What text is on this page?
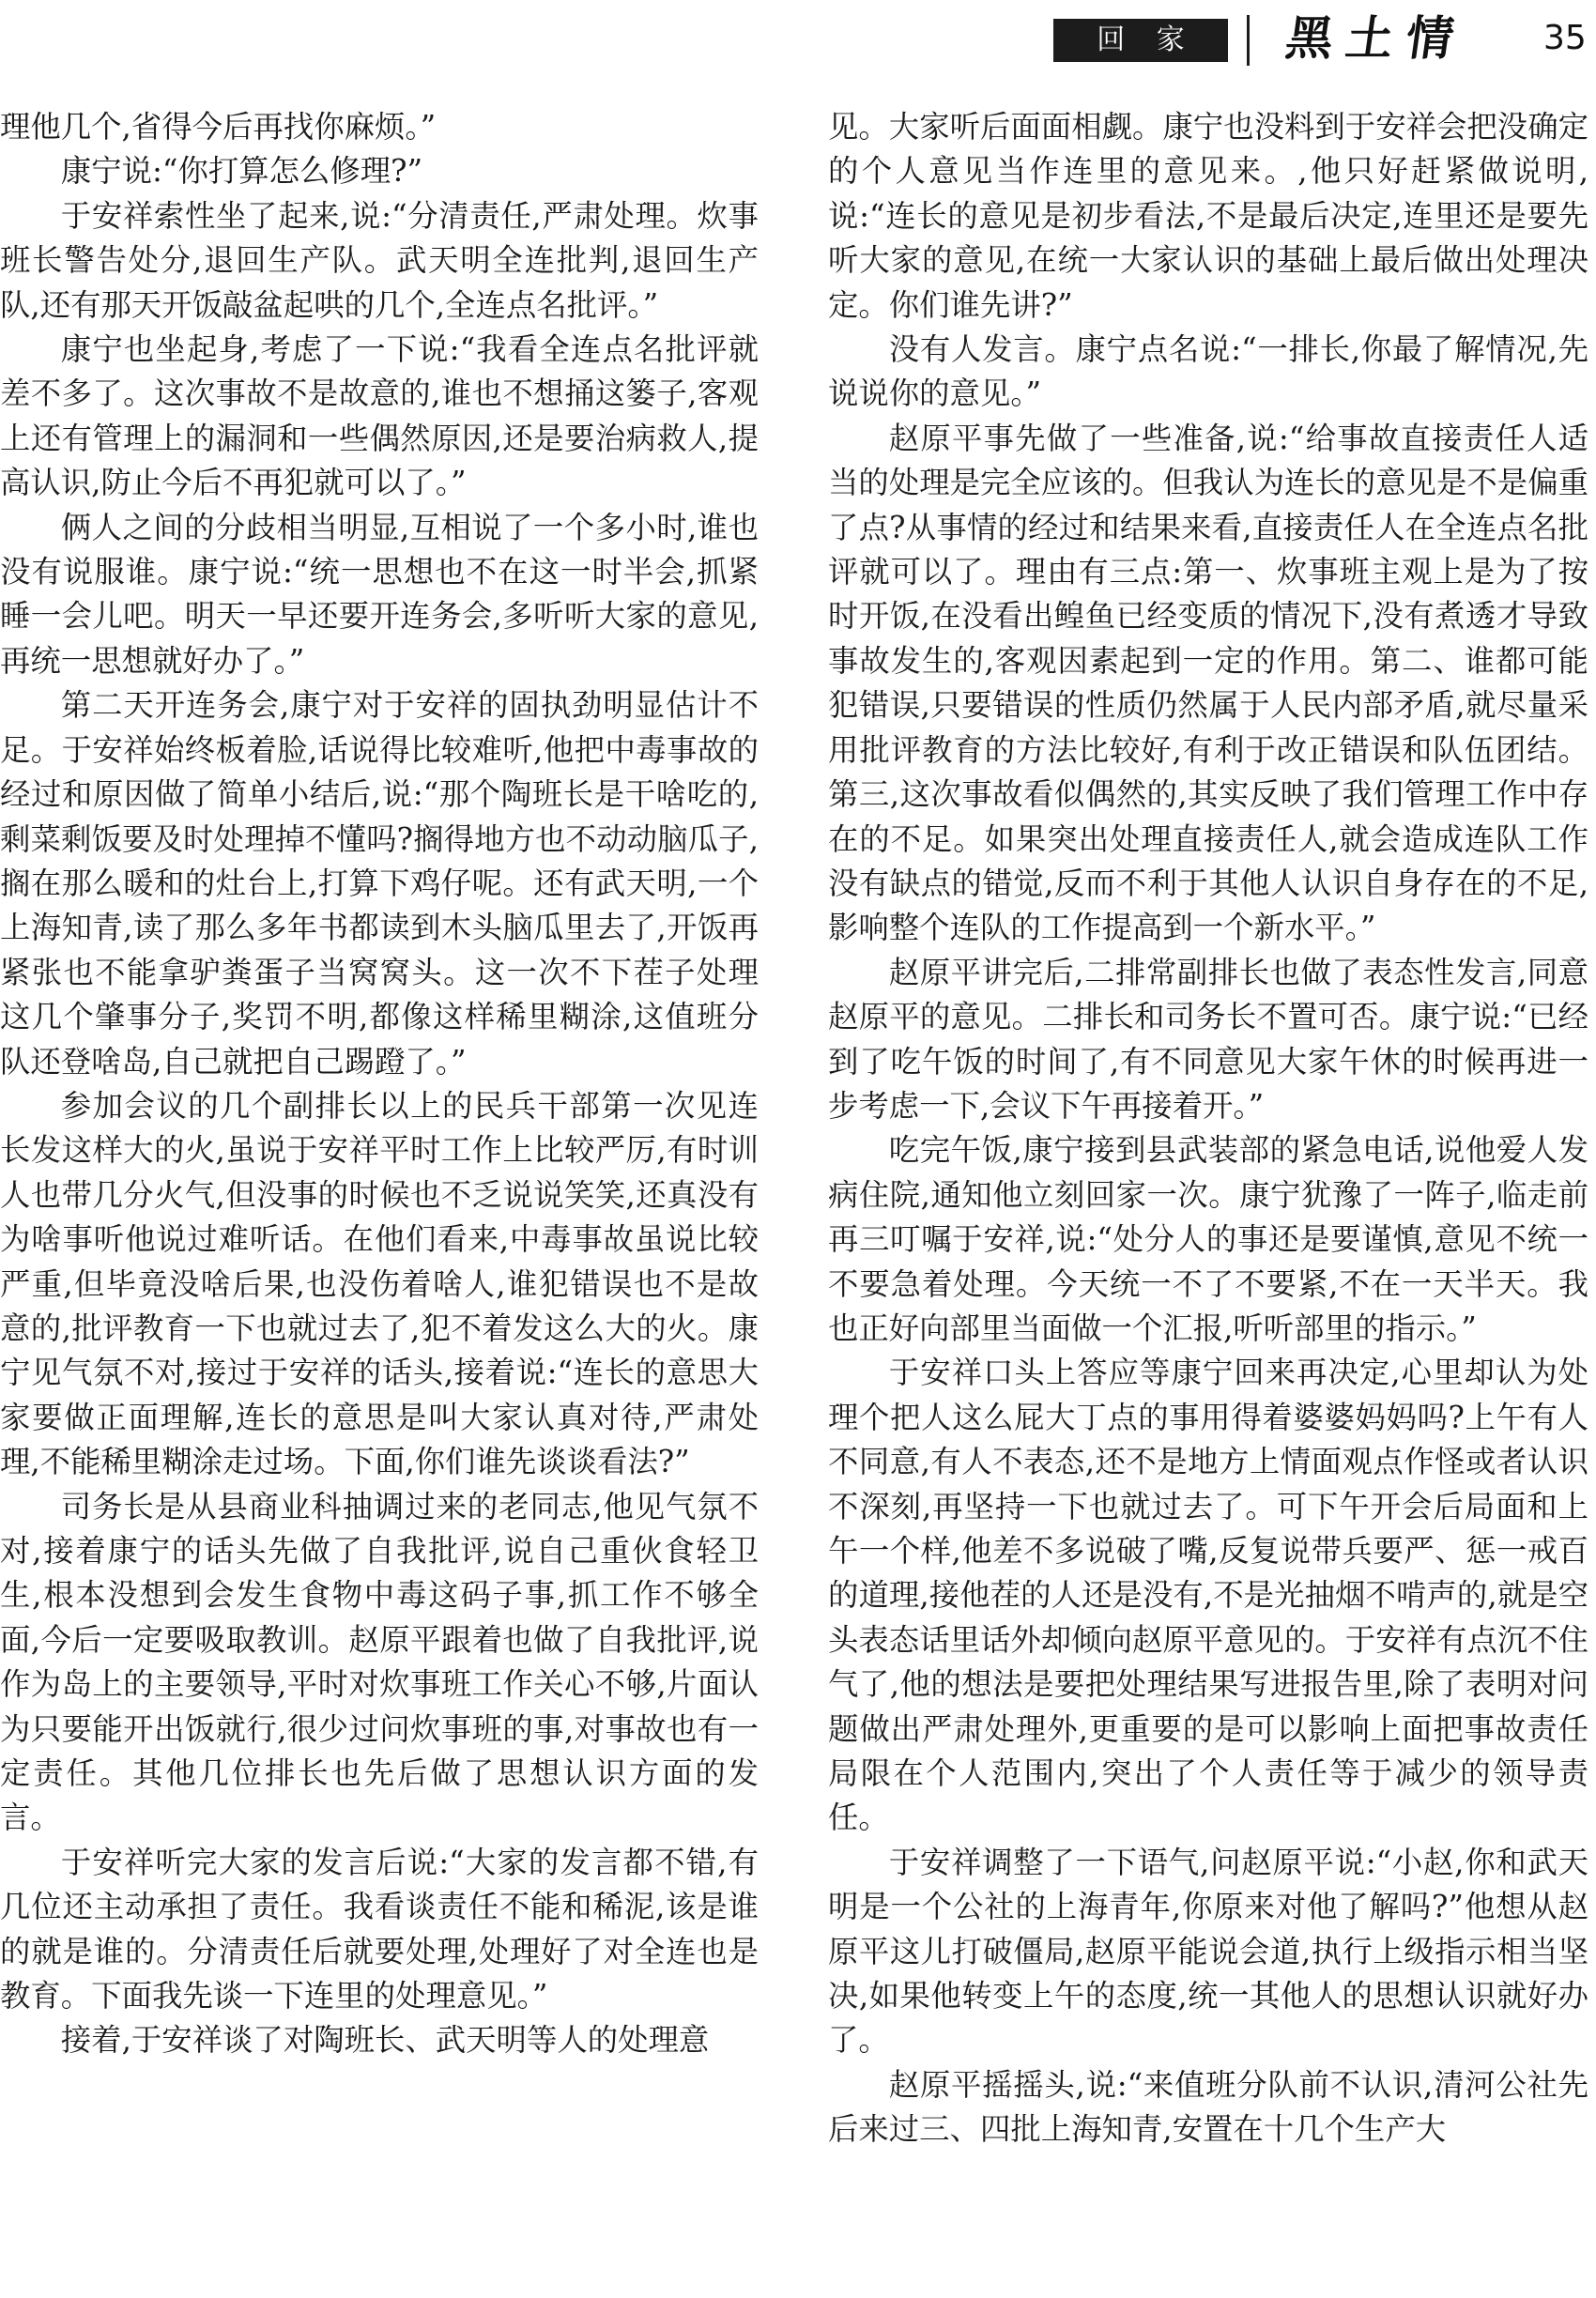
回 家	黑土情 35

理他几个,省得今后再找你麻烦。”

康宁说:“你打算怎么修理?”

于安祥索性坐了起来,说:“分清责任,严肃处理。炊事班长警告处分,退回生产队。武天明全连批判,退回生产队,还有那天开饭敲盆起哄的几个,全连点名批评。”

康宁也坐起身,考虑了一下说:“我看全连点名批评就差不多了。这次事故不是故意的,谁也不想捅这篓子,客观上还有管理上的漏洞和一些偶然原因,还是要治病救人,提高认识,防止今后不再犯就可以了。”

俩人之间的分歧相当明显,互相说了一个多小时,谁也没有说服谁。康宁说:“统一思想也不在这一时半会,抓紧睡一会儿吧。明天一早还要开连务会,多听听大家的意见,再统一思想就好办了。”

第二天开连务会,康宁对于安祥的固执劲明显估计不足。于安祥始终板着脸,话说得比较难听,他把中毒事故的经过和原因做了简单小结后,说:“那个陶班长是干啥吃的,剩菜剩饭要及时处理掉不懂吗?搁得地方也不动动脑瓜子,搁在那么暖和的灶台上,打算下鸡仔呢。还有武天明,一个上海知青,读了那么多年书都读到木头脑瓜里去了,开饭再紧张也不能拿驴粪蛋子当窝窝头。这一次不下茬子处理这几个肇事分子,奖罚不明,都像这样稀里糊涂,这值班分队还登啥岛,自己就把自己踢蹬了。”

参加会议的几个副排长以上的民兵干部第一次见连长发这样大的火,虽说于安祥平时工作上比较严厉,有时训人也带几分火气,但没事的时候也不乏说说笑笑,还真没有为啥事听他说过难听话。在他们看来,中毒事故虽说比较严重,但毕竟没啥后果,也没伤着啥人,谁犯错误也不是故意的,批评教育一下也就过去了,犯不着发这么大的火。康宁见气氛不对,接过于安祥的话头,接着说:“连长的意思大家要做正面理解,连长的意思是叫大家认真对待,严肃处理,不能稀里糊涂走过场。下面,你们谁先谈谈看法?”

司务长是从县商业科抽调过来的老同志,他见气氛不对,接着康宁的话头先做了自我批评,说自己重伙食轻卫生,根本没想到会发生食物中毒这码子事,抓工作不够全面,今后一定要吸取教训。赵原平跟着也做了自我批评,说作为岛上的主要领导,平时对炊事班工作关心不够,片面认为只要能开出饭就行,很少过问炊事班的事,对事故也有一定责任。其他几位排长也先后做了思想认识方面的发言。

于安祥听完大家的发言后说:“大家的发言都不错,有几位还主动承担了责任。我看谈责任不能和稀泥,该是谁的就是谁的。分清责任后就要处理,处理好了对全连也是教育。下面我先谈一下连里的处理意见。”

接着,于安祥谈了对陶班长、武天明等人的处理意

见。大家听后面面相觑。康宁也没料到于安祥会把没确定的个人意见当作连里的意见来。,他只好赶紧做说明,说:“连长的意见是初步看法,不是最后决定,连里还是要先听大家的意见,在统一大家认识的基础上最后做出处理决定。你们谁先讲?”

没有人发言。康宁点名说:“一排长,你最了解情况,先说说你的意见。”

赵原平事先做了一些准备,说:“给事故直接责任人适当的处理是完全应该的。但我认为连长的意见是不是偏重了点?从事情的经过和结果来看,直接责任人在全连点名批评就可以了。理由有三点:第一、炊事班主观上是为了按时开饭,在没看出鳇鱼已经变质的情况下,没有煮透才导致事故发生的,客观因素起到一定的作用。第二、谁都可能犯错误,只要错误的性质仍然属于人民内部矛盾,就尽量采用批评教育的方法比较好,有利于改正错误和队伍团结。第三,这次事故看似偶然的,其实反映了我们管理工作中存在的不足。如果突出处理直接责任人,就会造成连队工作没有缺点的错觉,反而不利于其他人认识自身存在的不足,影响整个连队的工作提高到一个新水平。”

赵原平讲完后,二排常副排长也做了表态性发言,同意赵原平的意见。二排长和司务长不置可否。康宁说:“已经到了吃午饭的时间了,有不同意见大家午休的时候再进一步考虑一下,会议下午再接着开。”

吃完午饭,康宁接到县武装部的紧急电话,说他爱人发病住院,通知他立刻回家一次。康宁犹豫了一阵子,临走前再三叮嘱于安祥,说:“处分人的事还是要谨慎,意见不统一不要急着处理。今天统一不了不要紧,不在一天半天。我也正好向部里当面做一个汇报,听听部里的指示。”

于安祥口头上答应等康宁回来再决定,心里却认为处理个把人这么屁大丁点的事用得着婆婆妈妈吗?上午有人不同意,有人不表态,还不是地方上情面观点作怪或者认识不深刻,再坚持一下也就过去了。可下午开会后局面和上午一个样,他差不多说破了嘴,反复说带兵要严、惩一戒百的道理,接他茬的人还是没有,不是光抽烟不啃声的,就是空头表态话里话外却倾向赵原平意见的。于安祥有点沉不住气了,他的想法是要把处理结果写进报告里,除了表明对问题做出严肃处理外,更重要的是可以影响上面把事故责任局限在个人范围内,突出了个人责任等于减少的领导责任。

于安祥调整了一下语气,问赵原平说:“小赵,你和武天明是一个公社的上海青年,你原来对他了解吗?”他想从赵原平这儿打破僵局,赵原平能说会道,执行上级指示相当坚决,如果他转变上午的态度,统一其他人的思想认识就好办了。

赵原平摇摇头,说:“来值班分队前不认识,清河公社先后来过三、四批上海知青,安置在十几个生产大
